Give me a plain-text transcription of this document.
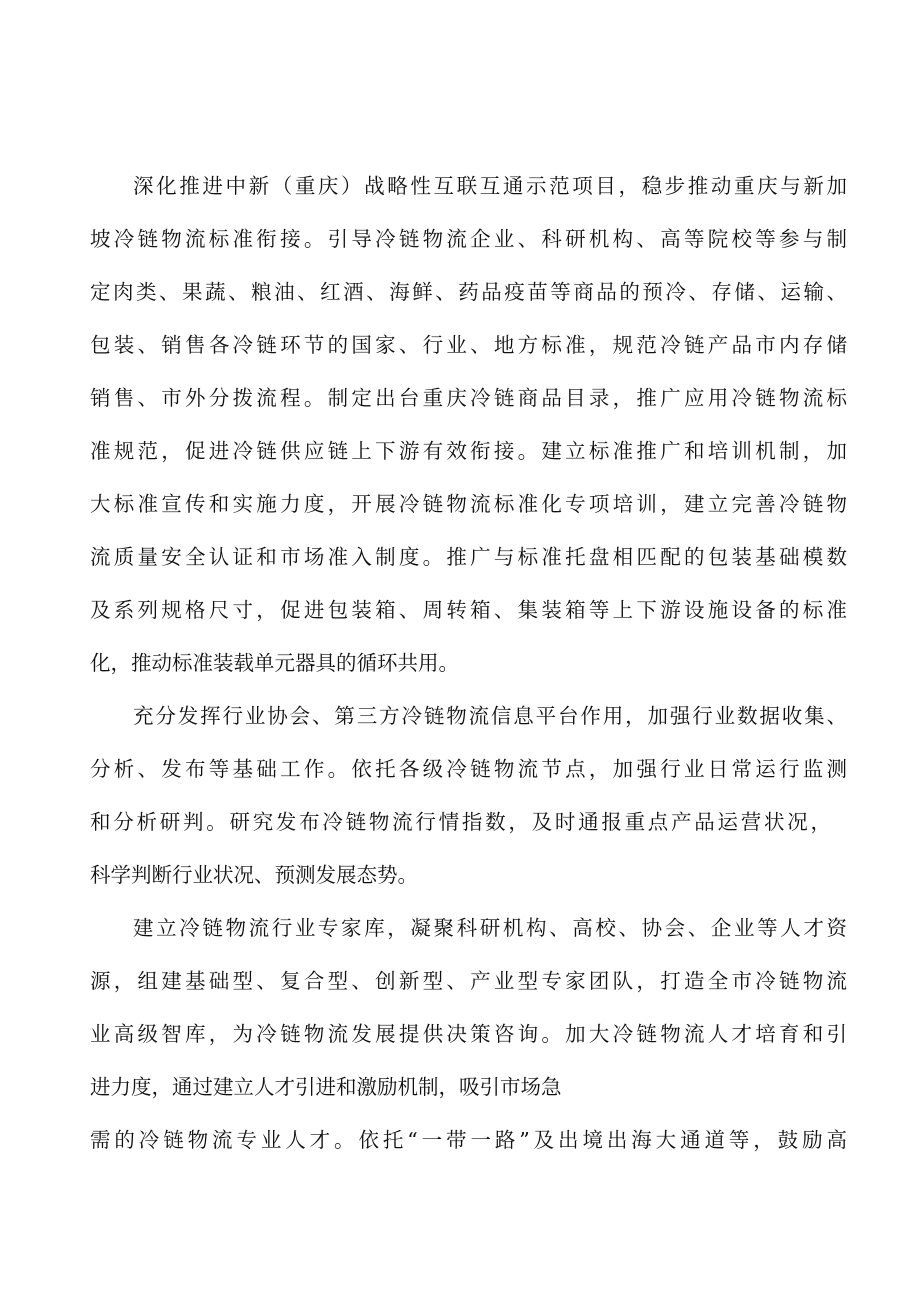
深化推进中新（重庆）战略性互联互通示范项目，稳步推动重庆与新加
坡冷链物流标准衔接。引导冷链物流企业、科研机构、高等院校等参与制
定肉类、果蔬、粮油、红酒、海鲜、药品疫苗等商品的预冷、存储、运输、
包装、销售各冷链环节的国家、行业、地方标准，规范冷链产品市内存储
销售、市外分拨流程。制定出台重庆冷链商品目录，推广应用冷链物流标
准规范，促进冷链供应链上下游有效衔接。建立标准推广和培训机制，加
大标准宣传和实施力度，开展冷链物流标准化专项培训，建立完善冷链物
流质量安全认证和市场准入制度。推广与标准托盘相匹配的包装基础模数
及系列规格尺寸，促进包装箱、周转箱、集装箱等上下游设施设备的标准
化，推动标准装载单元器具的循环共用。
充分发挥行业协会、第三方冷链物流信息平台作用，加强行业数据收集、
分析、发布等基础工作。依托各级冷链物流节点，加强行业日常运行监测
和分析研判。研究发布冷链物流行情指数，及时通报重点产品运营状况，
科学判断行业状况、预测发展态势。
建立冷链物流行业专家库，凝聚科研机构、高校、协会、企业等人才资
源，组建基础型、复合型、创新型、产业型专家团队，打造全市冷链物流
业高级智库，为冷链物流发展提供决策咨询。加大冷链物流人才培育和引
进力度，通过建立人才引进和激励机制，吸引市场急
需的冷链物流专业人才。依托“一带一路”及出境出海大通道等，鼓励高
